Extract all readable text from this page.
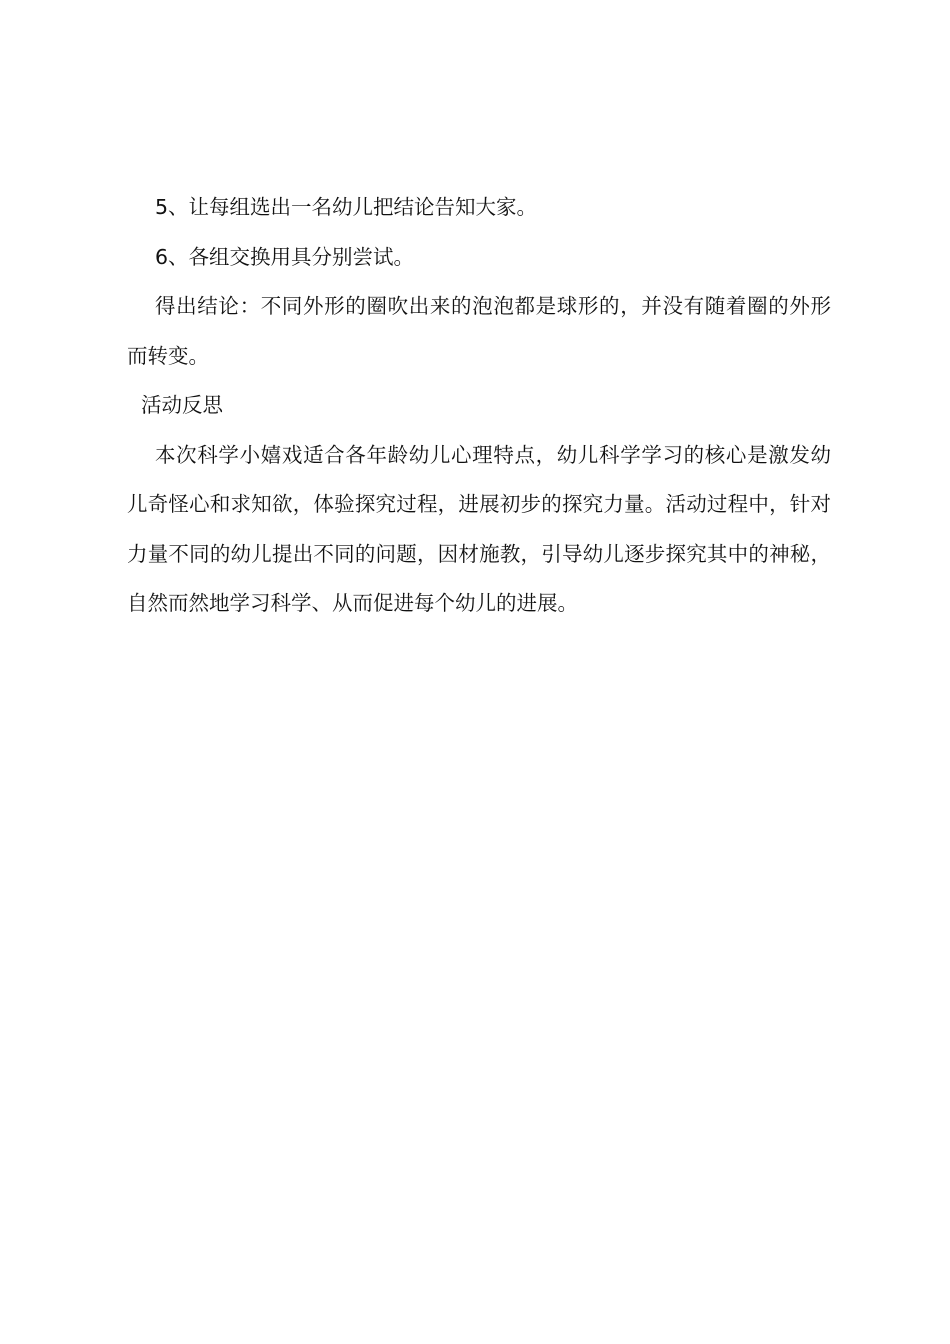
5、让每组选出一名幼儿把结论告知大家。

6、各组交换用具分别尝试。

得出结论：不同外形的圈吹出来的泡泡都是球形的，并没有随着圈的外形而转变。

活动反思

本次科学小嬉戏适合各年龄幼儿心理特点，幼儿科学学习的核心是激发幼儿奇怪心和求知欲，体验探究过程，进展初步的探究力量。活动过程中，针对力量不同的幼儿提出不同的问题，因材施教，引导幼儿逐步探究其中的神秘，自然而然地学习科学、从而促进每个幼儿的进展。
